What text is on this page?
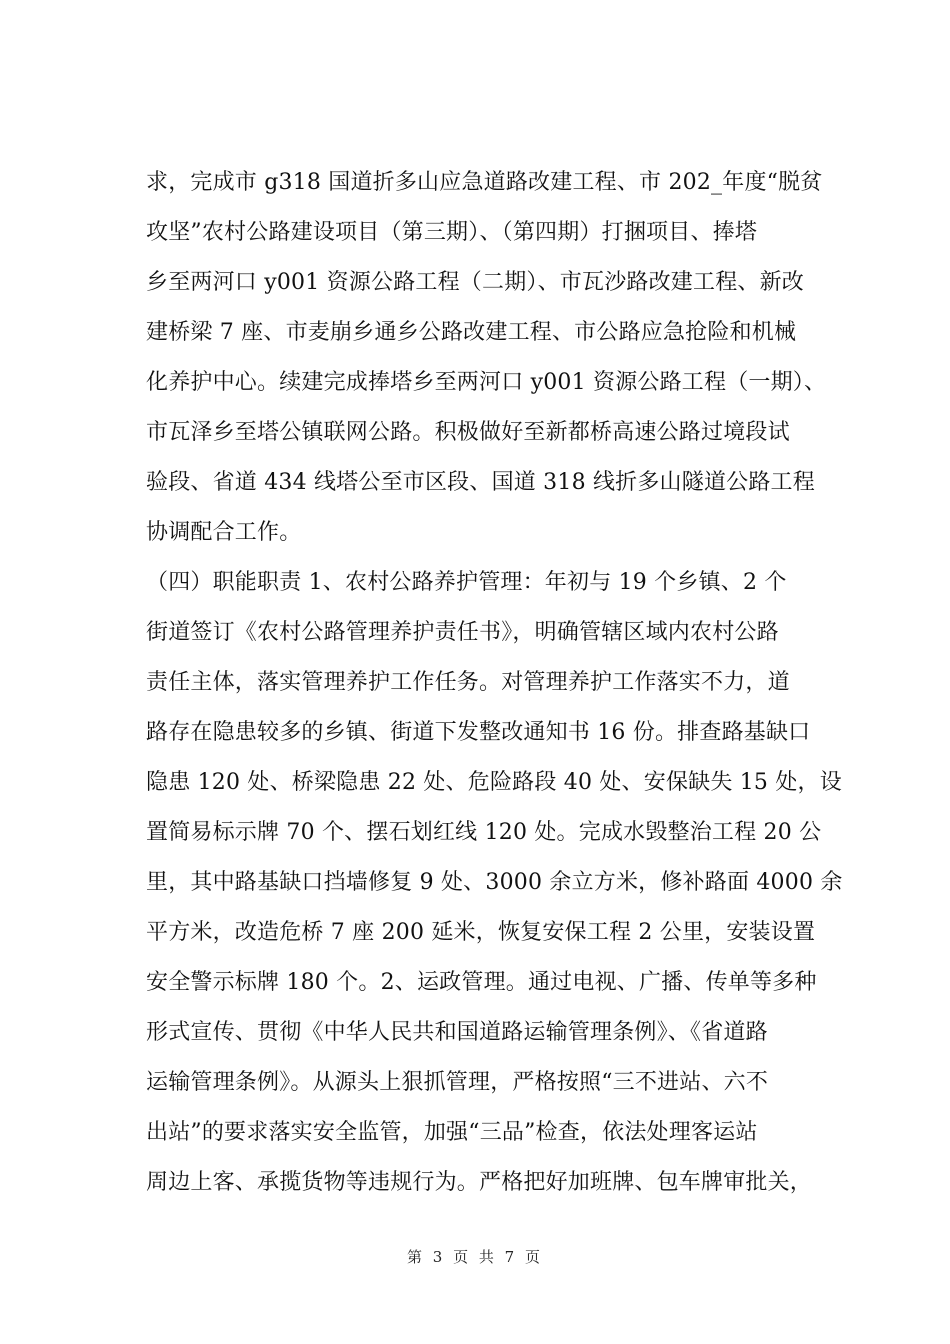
求，完成市 g318 国道折多山应急道路改建工程、市 202_年度“脱贫
攻坚”农村公路建设项目（第三期）、（第四期）打捆项目、捧塔
乡至两河口 y001 资源公路工程（二期）、市瓦沙路改建工程、新改
建桥梁 7 座、市麦崩乡通乡公路改建工程、市公路应急抢险和机械
化养护中心。续建完成捧塔乡至两河口 y001 资源公路工程（一期）、
市瓦泽乡至塔公镇联网公路。积极做好至新都桥高速公路过境段试
验段、省道 434 线塔公至市区段、国道 318 线折多山隧道公路工程
协调配合工作。
（四）职能职责 1、农村公路养护管理：年初与 19 个乡镇、2 个
街道签订《农村公路管理养护责任书》，明确管辖区域内农村公路
责任主体，落实管理养护工作任务。对管理养护工作落实不力，道
路存在隐患较多的乡镇、街道下发整改通知书 16 份。排查路基缺口
隐患 120 处、桥梁隐患 22 处、危险路段 40 处、安保缺失 15 处，设
置简易标示牌 70 个、摆石划红线 120 处。完成水毁整治工程 20 公
里，其中路基缺口挡墙修复 9 处、3000 余立方米，修补路面 4000 余
平方米，改造危桥 7 座 200 延米，恢复安保工程 2 公里，安装设置
安全警示标牌 180 个。2、运政管理。通过电视、广播、传单等多种
形式宣传、贯彻《中华人民共和国道路运输管理条例》、《省道路
运输管理条例》。从源头上狠抓管理，严格按照“三不进站、六不
出站”的要求落实安全监管，加强“三品”检查，依法处理客运站
周边上客、承揽货物等违规行为。严格把好加班牌、包车牌审批关，
第 3 页 共 7 页
